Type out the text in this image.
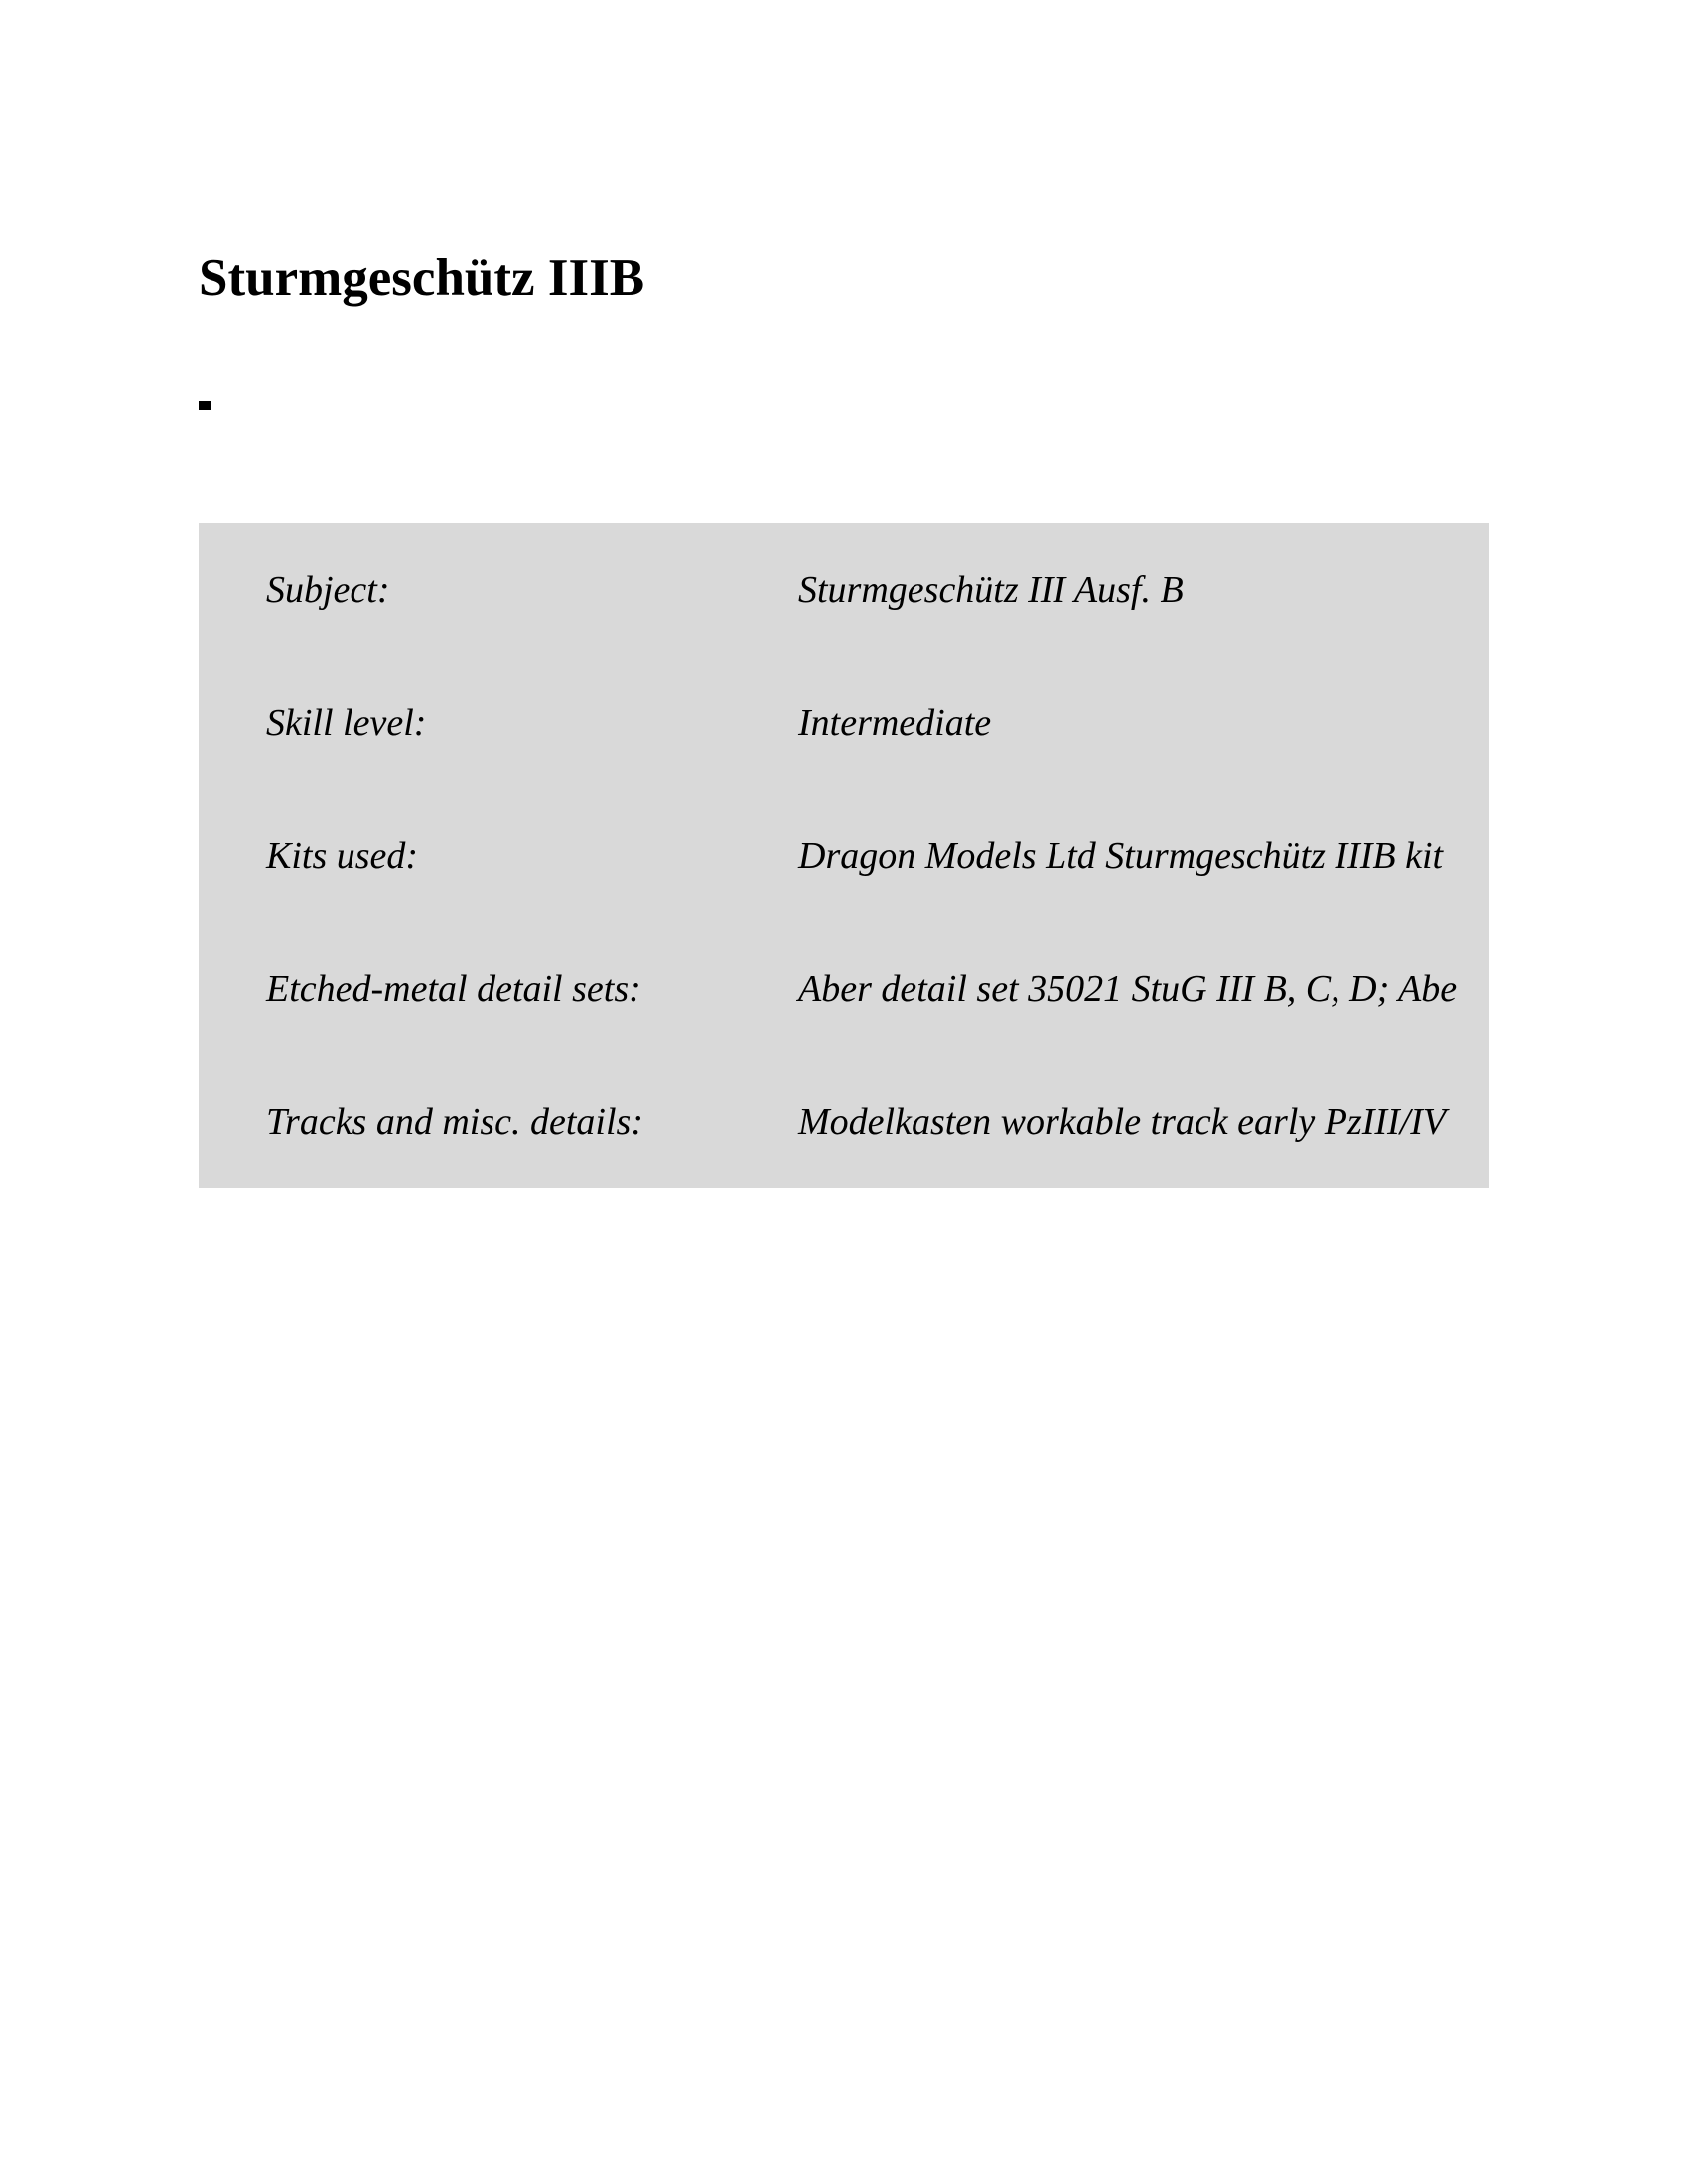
Sturmgeschütz IIIB
Subject:	Sturmgeschütz III Ausf. B
Skill level:	Intermediate
Kits used:	Dragon Models Ltd Sturmgeschütz IIIB kit
Etched-metal detail sets:	Aber detail set 35021 StuG III B, C, D; Abe
Tracks and misc. details:	Modelkasten workable track early PzIII/IV
